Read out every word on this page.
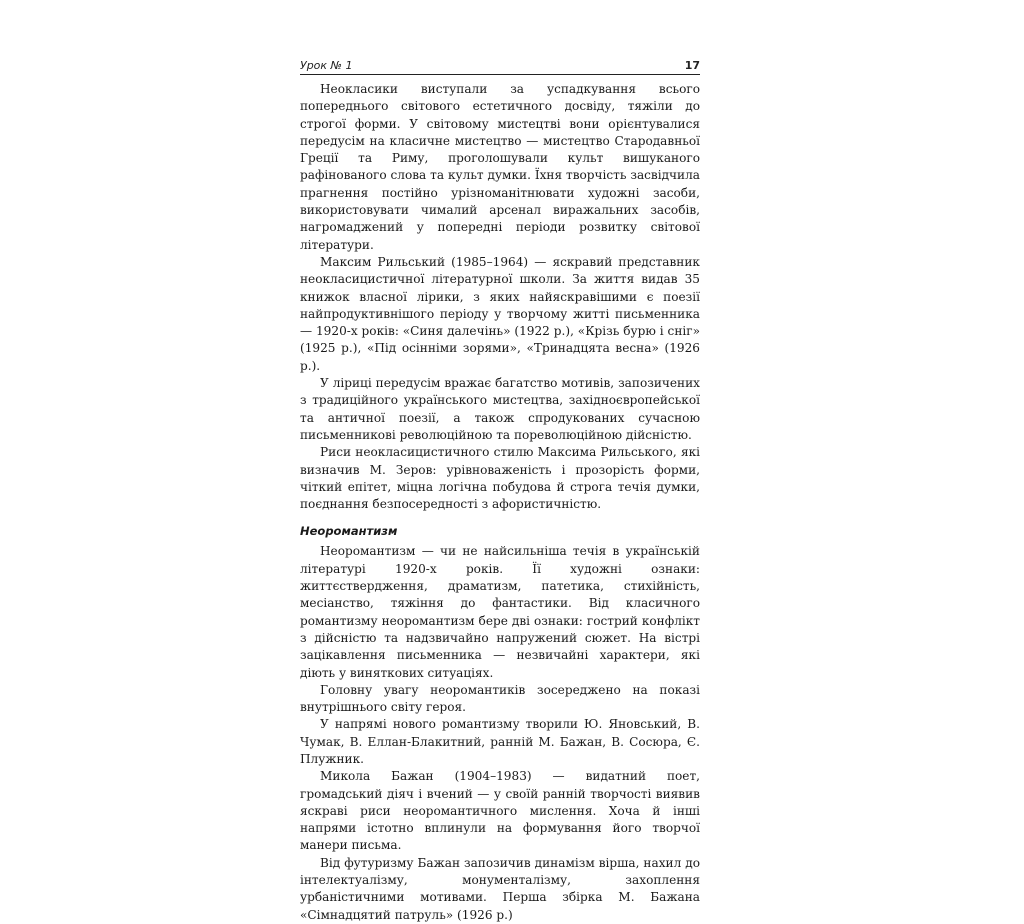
Урок № 1	17

Неокласики виступали за успадкування всього попереднього світового естетичного досвіду, тяжіли до строгої форми. У світовому мистецтві вони орієнтувалися передусім на класичне мистецтво — мистецтво Стародавньої Греції та Риму, проголошували культ вишуканого рафінованого слова та культ думки. Їхня творчість засвідчила прагнення постійно урізноманітнювати художні засоби, використовувати чималий арсенал виражальних засобів, нагромаджений у попередні періоди розвитку світової літератури.

Максим Рильський (1985–1964) — яскравий представник неокласицистичної літературної школи. За життя видав 35 книжок власної лірики, з яких найяскравішими є поезії найпродуктивнішого періоду у творчому житті письменника — 1920-х років: «Синя далечінь» (1922 р.), «Крізь бурю і сніг» (1925 р.), «Під осінніми зорями», «Тринадцята весна» (1926 р.).

У ліриці передусім вражає багатство мотивів, запозичених з традиційного українського мистецтва, західноєвропейської та античної поезії, а також спродукованих сучасною письменникові революційною та пореволюційною дійсністю.

Риси неокласицистичного стилю Максима Рильського, які визначив М. Зеров: урівноваженість і прозорість форми, чіткий епітет, міцна логічна побудова й строга течія думки, поєднання безпосередності з афористичністю.

Неоромантизм

Неоромантизм — чи не найсильніша течія в українській літературі 1920-х років. Її художні ознаки: життєствердження, драматизм, патетика, стихійність, месіанство, тяжіння до фантастики. Від класичного романтизму неоромантизм бере дві ознаки: гострий конфлікт з дійсністю та надзвичайно напружений сюжет. На вістрі зацікавлення письменника — незвичайні характери, які діють у виняткових ситуаціях.

Головну увагу неоромантиків зосереджено на показі внутрішнього світу героя.

У напрямі нового романтизму творили Ю. Яновський, В. Чумак, В. Еллан-Блакитний, ранній М. Бажан, В. Сосюра, Є. Плужник.

Микола Бажан (1904–1983) — видатний поет, громадський діяч і вчений — у своїй ранній творчості виявив яскраві риси неоромантичного мислення. Хоча й інші напрями істотно вплинули на формування його творчої манери письма.

Від футуризму Бажан запозичив динамізм вірша, нахил до інтелектуалізму, монументалізму, захоплення урбаністичними мотивами. Перша збірка М. Бажана «Сімнадцятий патруль» (1926 р.)
